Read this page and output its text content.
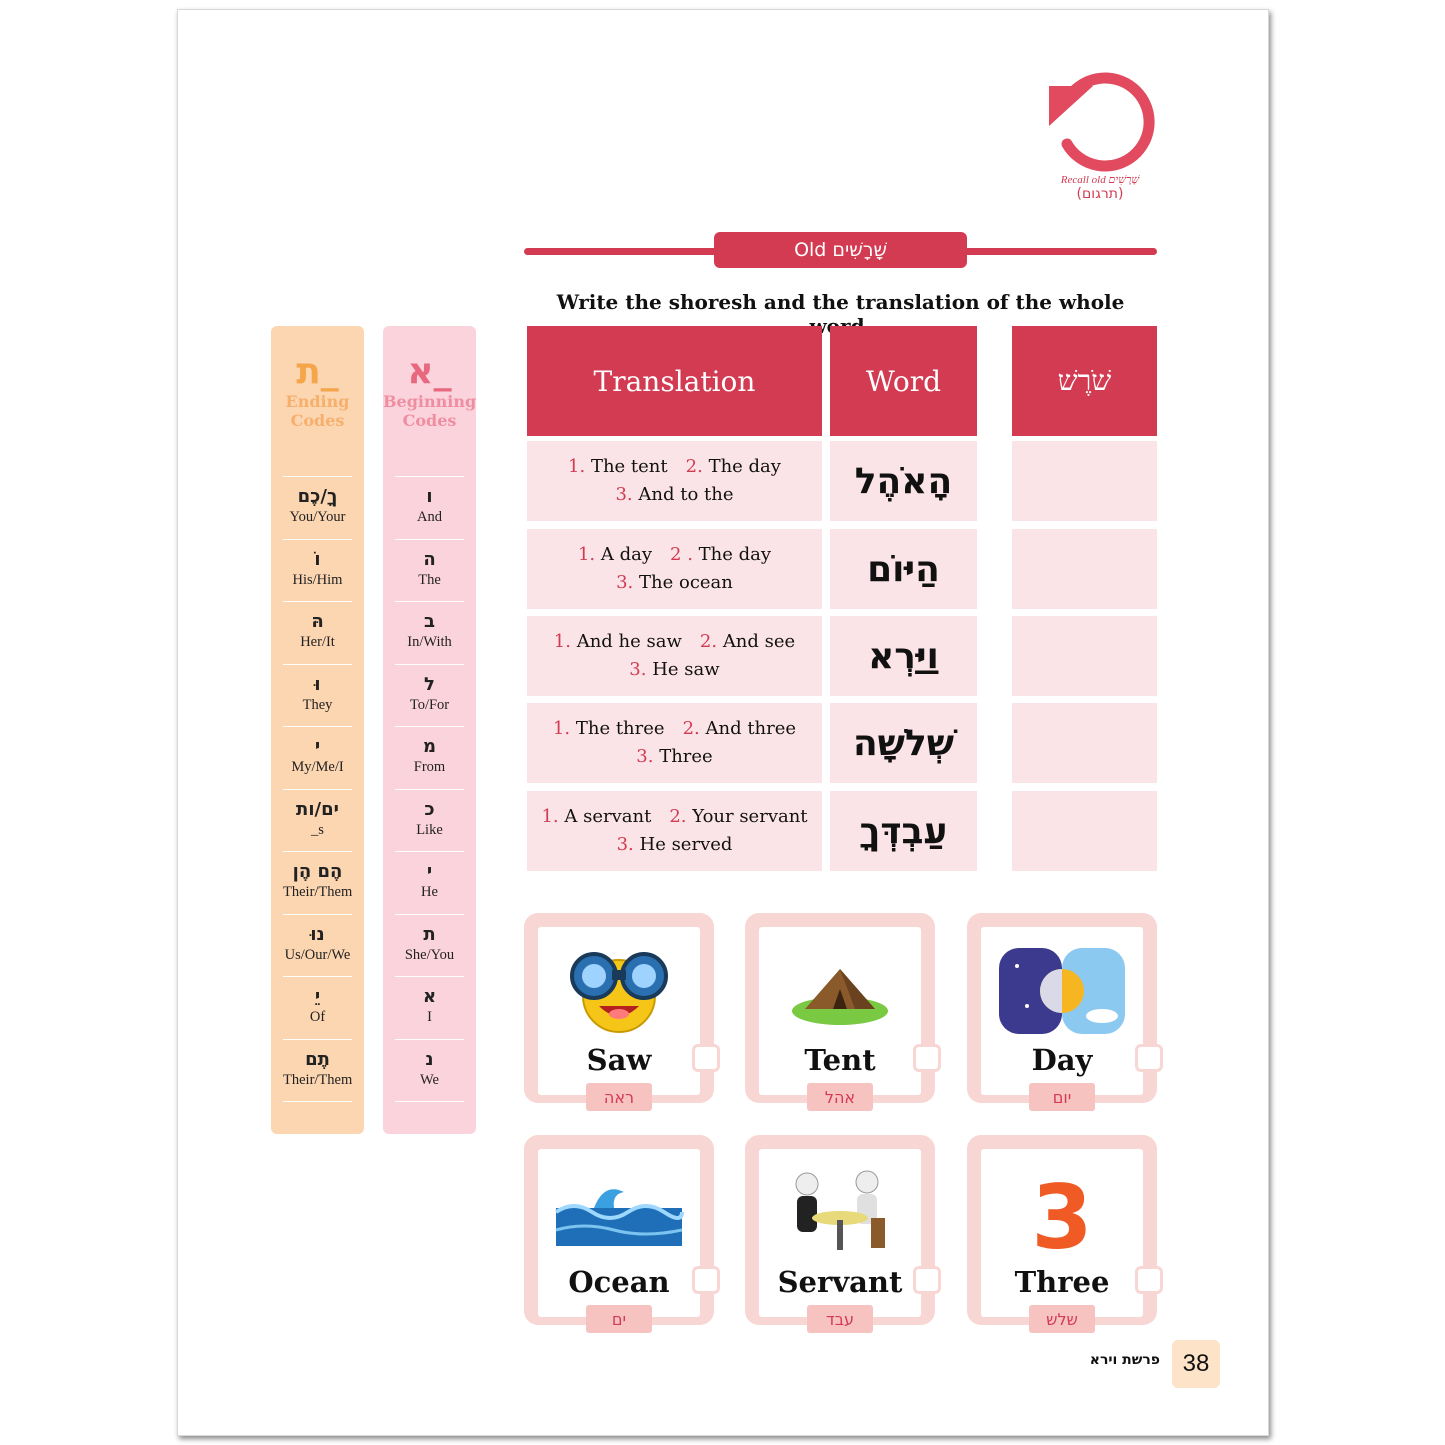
Recall old שָׁרָשִׁים
(תרגום)
Old שָׁרָשִׁים
Write the shoresh and the translation of the whole
ת_
Ending
Codes
ךָ/כֶם
You/Your
וֹ
His/Him
הּ
Her/It
וּ
They
י
My/Me/I
ים/ות
_s
הֶם הֶן
Their/Them
נוּ
Us/Our/We
יֵ
Of
תֶם
Their/Them
א_
Beginning
Codes
ו
And
ה
The
ב
In/With
ל
To/For
מ
From
כ
Like
י
He
ת
She/You
א
I
נ
We
Translation	Word	שֹׁרֶשׁ
1. The tent 2. The day
3. And to the	הָאֹהֶל
1. A day 2 . The day
3. The ocean	הַיּוֹם
1. And he saw 2. And see
3. He saw	וַיַּרְא
1. The three 2. And three
3. Three	שְׁלֹשָׁה
1. A servant 2. Your servant
3. He served	עַבְדְּךָ
Saw
ראה
Tent
אהל
Day
יום
Ocean
ים
Servant
עבד
3
Three
שלש
פרשת וירא 38
